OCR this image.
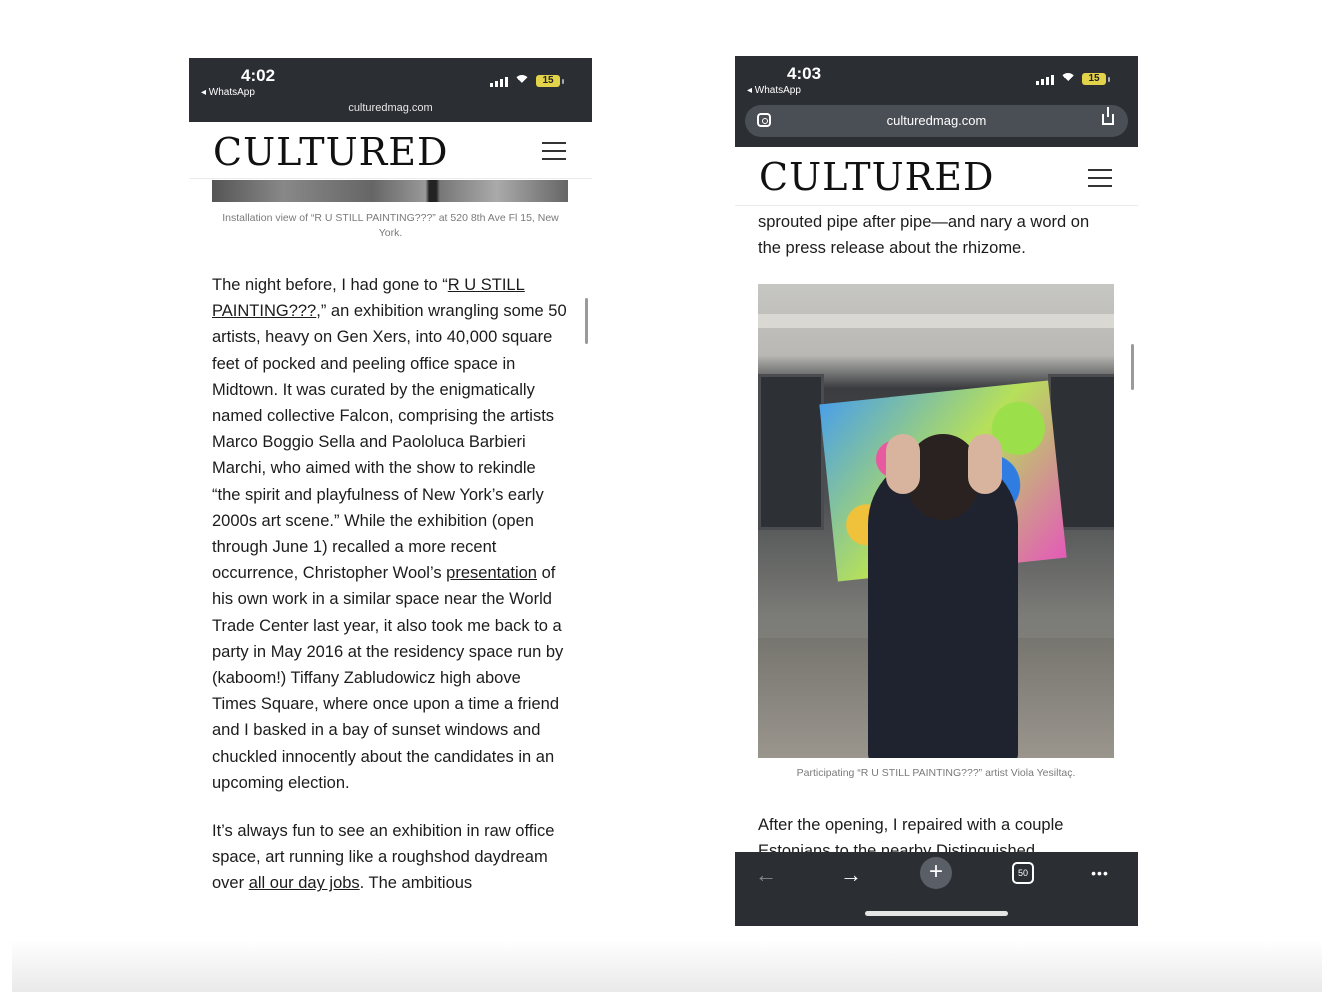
4:02
◂ WhatsApp
15
culturedmag.com
CULTURED
Installation view of “R U STILL PAINTING???” at 520 8th Ave Fl 15, New York.

The night before, I had gone to “R U STILL PAINTING???,” an exhibition wrangling some 50 artists, heavy on Gen Xers, into 40,000 square feet of pocked and peeling office space in Midtown. It was curated by the enigmatically named collective Falcon, comprising the artists Marco Boggio Sella and Paololuca Barbieri Marchi, who aimed with the show to rekindle “the spirit and playfulness of New York’s early 2000s art scene.” While the exhibition (open through June 1) recalled a more recent occurrence, Christopher Wool’s presentation of his own work in a similar space near the World Trade Center last year, it also took me back to a party in May 2016 at the residency space run by (kaboom!) Tiffany Zabludowicz high above Times Square, where once upon a time a friend and I basked in a bay of sunset windows and chuckled innocently about the candidates in an upcoming election.

It’s always fun to see an exhibition in raw office space, art running like a roughshod daydream over all our day jobs. The ambitious

4:03
◂ WhatsApp
15
culturedmag.com
CULTURED

sprouted pipe after pipe—and nary a word on the press release about the rhizome.

Participating “R U STILL PAINTING???” artist Viola Yesiltaç.

After the opening, I repaired with a couple

←	→	+	50	•••
